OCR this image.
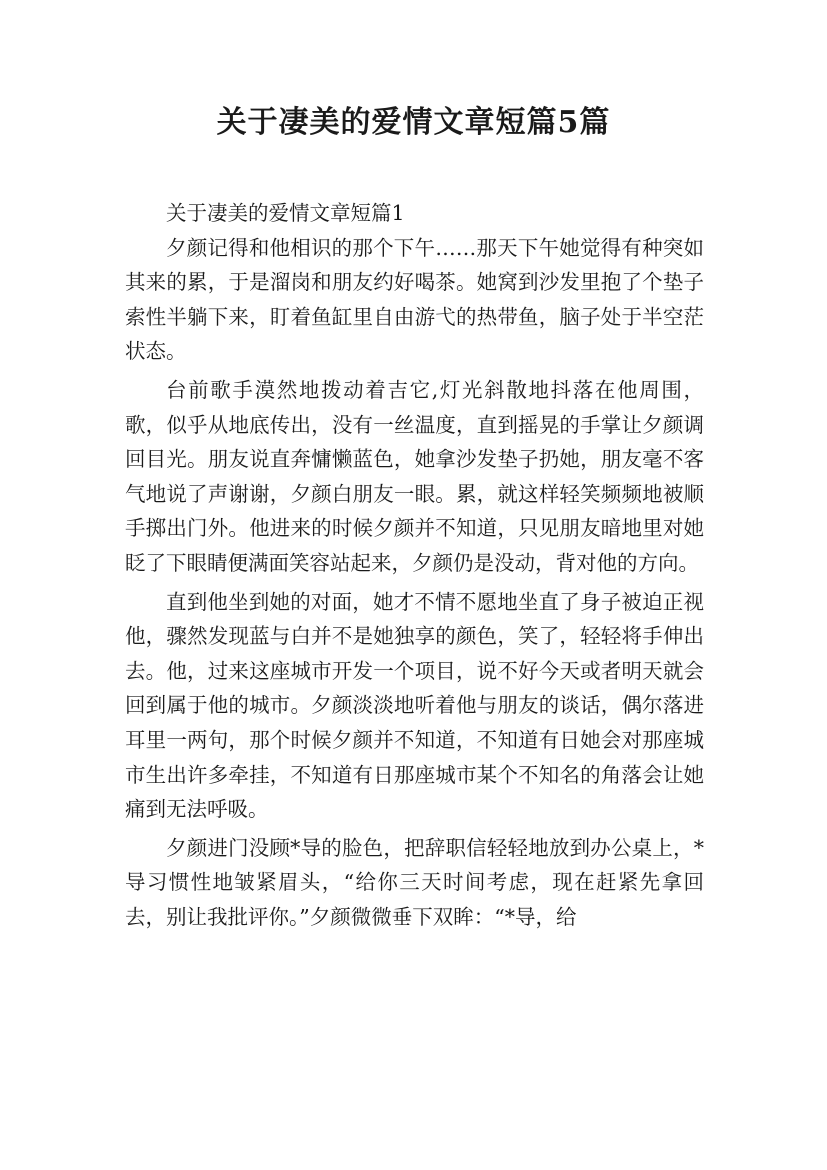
关于凄美的爱情文章短篇5篇

关于凄美的爱情文章短篇1

夕颜记得和他相识的那个下午……那天下午她觉得有种突如其来的累，于是溜岗和朋友约好喝茶。她窝到沙发里抱了个垫子索性半躺下来，盯着鱼缸里自由游弋的热带鱼，脑子处于半空茫状态。

台前歌手漠然地拨动着吉它,灯光斜散地抖落在他周围，歌，似乎从地底传出，没有一丝温度，直到摇晃的手掌让夕颜调回目光。朋友说直奔慵懒蓝色，她拿沙发垫子扔她，朋友毫不客气地说了声谢谢，夕颜白朋友一眼。累，就这样轻笑频频地被顺手掷出门外。他进来的时候夕颜并不知道，只见朋友暗地里对她眨了下眼睛便满面笑容站起来，夕颜仍是没动，背对他的方向。

直到他坐到她的对面，她才不情不愿地坐直了身子被迫正视他，骤然发现蓝与白并不是她独享的颜色，笑了，轻轻将手伸出去。他，过来这座城市开发一个项目，说不好今天或者明天就会回到属于他的城市。夕颜淡淡地听着他与朋友的谈话，偶尔落进耳里一两句，那个时候夕颜并不知道，不知道有日她会对那座城市生出许多牵挂，不知道有日那座城市某个不知名的角落会让她痛到无法呼吸。

夕颜进门没顾*导的脸色，把辞职信轻轻地放到办公桌上，*导习惯性地皱紧眉头，“给你三天时间考虑，现在赶紧先拿回去，别让我批评你。”夕颜微微垂下双眸：“*导，给
